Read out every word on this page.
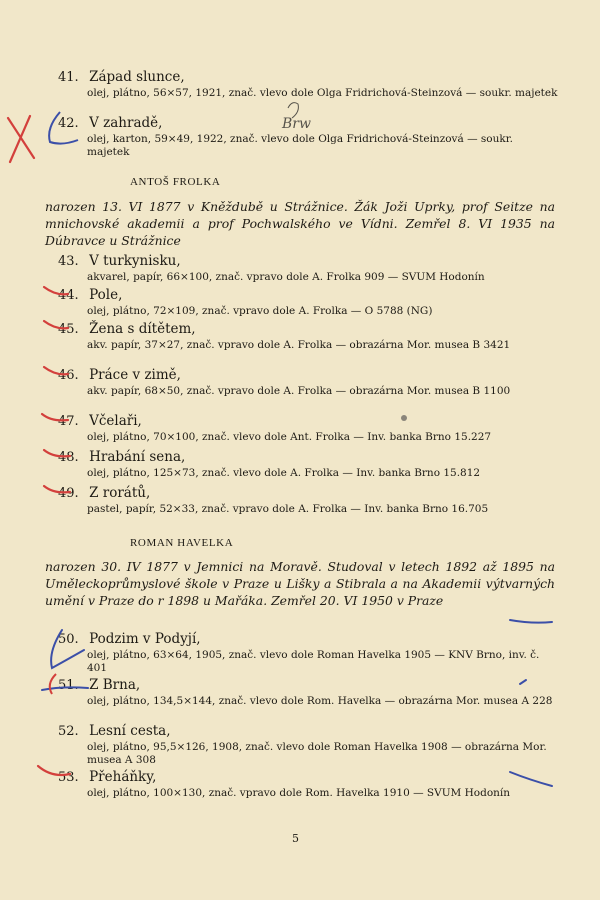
41. Západ slunce,
olej, plátno, 56×57, 1921, znač. vlevo dole Olga Fridrichová-Steinzová — soukr. majetek
42. V zahradě,
olej, karton, 59×49, 1922, znač. vlevo dole Olga Fridrichová-Steinzová — soukr. majetek
ANTOŠ FROLKA
narozen 13. VI 1877 v Kněždubě u Strážnice. Žák Joži Uprky, prof Seitze na mnichovské akademii a prof Pochwalského ve Vídni. Zemřel 8. VI 1935 na Dúbravce u Strážnice
43. V turkynisku,
akvarel, papír, 66×100, znač. vpravo dole A. Frolka 909 — SVUM Hodonín
44. Pole,
olej, plátno, 72×109, znač. vpravo dole A. Frolka — O 5788 (NG)
45. Žena s dítětem,
akv. papír, 37×27, znač. vpravo dole A. Frolka — obrazárna Mor. musea B 3421
46. Práce v zimě,
akv. papír, 68×50, znač. vpravo dole A. Frolka — obrazárna Mor. musea B 1100
47. Včelaři,
olej, plátno, 70×100, znač. vlevo dole Ant. Frolka — Inv. banka Brno 15.227
48. Hrabání sena,
olej, plátno, 125×73, znač. vlevo dole A. Frolka — Inv. banka Brno 15.812
49. Z rorátů,
pastel, papír, 52×33, znač. vpravo dole A. Frolka — Inv. banka Brno 16.705
ROMAN HAVELKA
narozen 30. IV 1877 v Jemnici na Moravě. Studoval v letech 1892 až 1895 na Uměleckoprůmyslové škole v Praze u Lišky a Stibrala a na Akademii výtvarných umění v Praze do r 1898 u Mařáka. Zemřel 20. VI 1950 v Praze
50. Podzim v Podyjí,
olej, plátno, 63×64, 1905, znač. vlevo dole Roman Havelka 1905 — KNV Brno, inv. č. 401
51. Z Brna,
olej, plátno, 134,5×144, znač. vlevo dole Rom. Havelka — obrazárna Mor. musea A 228
52. Lesní cesta,
olej, plátno, 95,5×126, 1908, znač. vlevo dole Roman Havelka 1908 — obrazárna Mor. musea A 308
53. Přeháňky,
olej, plátno, 100×130, znač. vpravo dole Rom. Havelka 1910 — SVUM Hodonín
5
Brw
